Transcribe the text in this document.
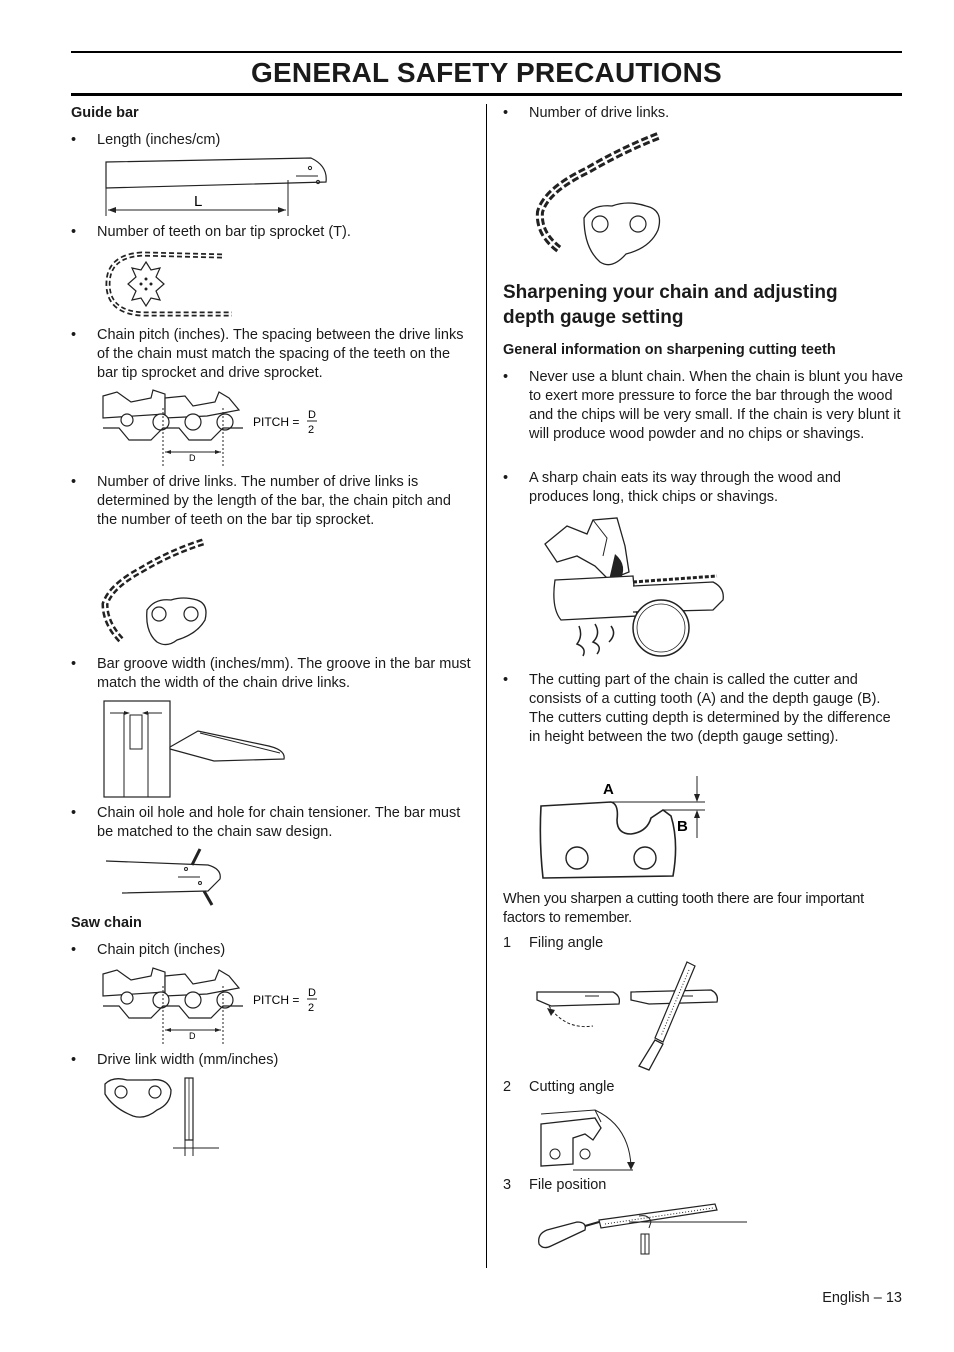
GENERAL SAFETY PRECAUTIONS
Guide bar
• Length (inches/cm)
L
• Number of teeth on bar tip sprocket (T).
• Chain pitch (inches). The spacing between the drive links of the chain must match the spacing of the teeth on the bar tip sprocket and drive sprocket.
D
PITCH = D
2
• Number of drive links. The number of drive links is determined by the length of the bar, the chain pitch and the number of teeth on the bar tip sprocket.
• Bar groove width (inches/mm). The groove in the bar must match the width of the chain drive links.
• Chain oil hole and hole for chain tensioner. The bar must be matched to the chain saw design.
Saw chain
• Chain pitch (inches)
D
PITCH = D
2
• Drive link width (mm/inches)
• Number of drive links.
Sharpening your chain and adjusting depth gauge setting
General information on sharpening cutting teeth
• Never use a blunt chain. When the chain is blunt you have to exert more pressure to force the bar through the wood and the chips will be very small. If the chain is very blunt it will produce wood powder and no chips or shavings.
• A sharp chain eats its way through the wood and produces long, thick chips or shavings.
• The cutting part of the chain is called the cutter and consists of a cutting tooth (A) and the depth gauge (B). The cutters cutting depth is determined by the difference in height between the two (depth gauge setting).
A
B
When you sharpen a cutting tooth there are four important factors to remember.
1 Filing angle
2 Cutting angle
3 File position
English – 13
